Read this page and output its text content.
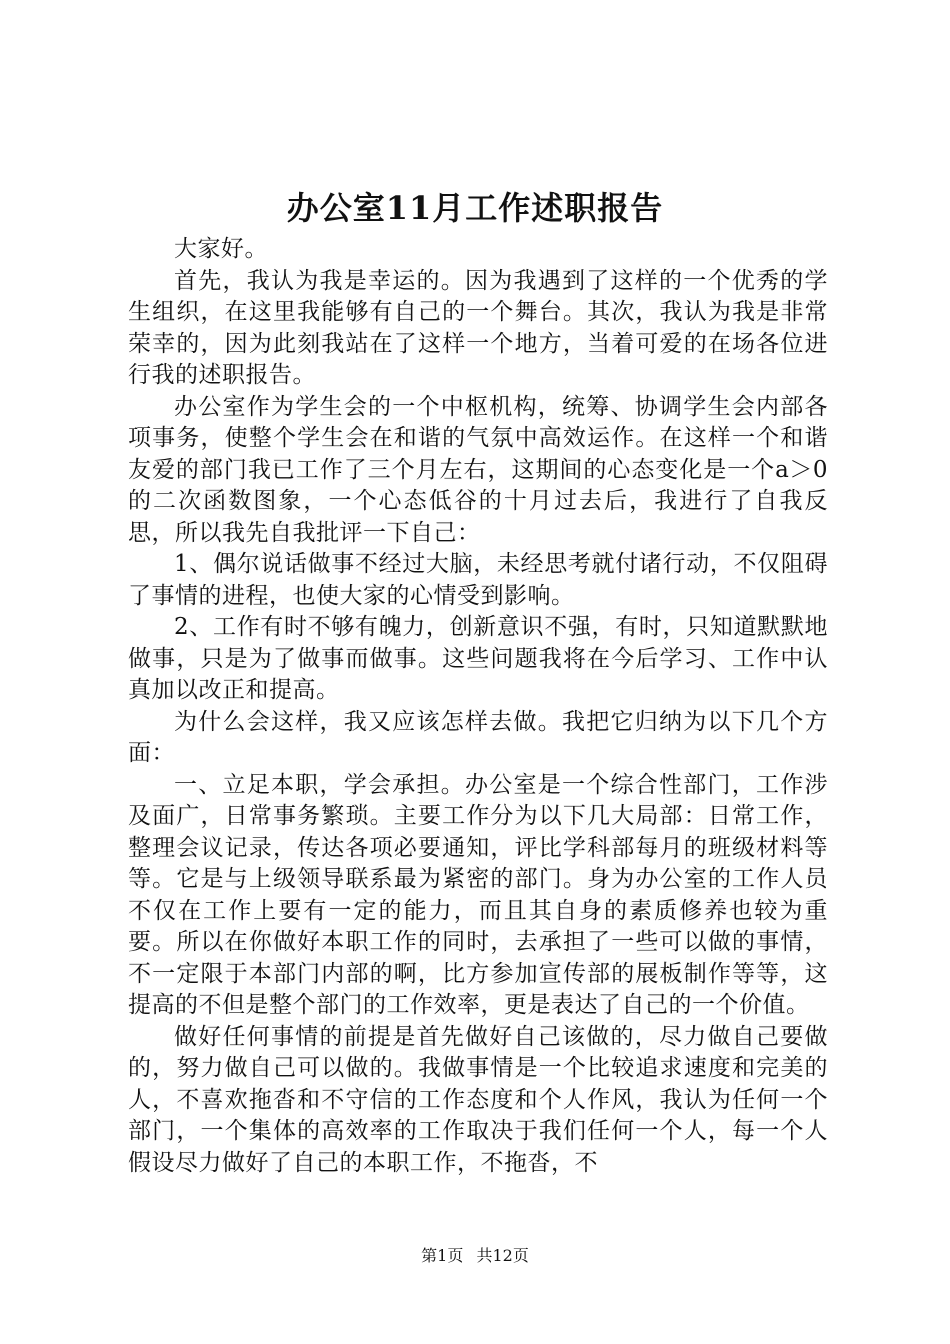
办公室11月工作述职报告

大家好。

首先，我认为我是幸运的。因为我遇到了这样的一个优秀的学生组织，在这里我能够有自己的一个舞台。其次，我认为我是非常荣幸的，因为此刻我站在了这样一个地方，当着可爱的在场各位进行我的述职报告。

办公室作为学生会的一个中枢机构，统筹、协调学生会内部各项事务，使整个学生会在和谐的气氛中高效运作。在这样一个和谐友爱的部门我已工作了三个月左右，这期间的心态变化是一个a＞0的二次函数图象，一个心态低谷的十月过去后，我进行了自我反思，所以我先自我批评一下自己：

1、偶尔说话做事不经过大脑，未经思考就付诸行动，不仅阻碍了事情的进程，也使大家的心情受到影响。

2、工作有时不够有魄力，创新意识不强，有时，只知道默默地做事，只是为了做事而做事。这些问题我将在今后学习、工作中认真加以改正和提高。

为什么会这样，我又应该怎样去做。我把它归纳为以下几个方面：

一、立足本职，学会承担。办公室是一个综合性部门，工作涉及面广，日常事务繁琐。主要工作分为以下几大局部：日常工作，整理会议记录，传达各项必要通知，评比学科部每月的班级材料等等。它是与上级领导联系最为紧密的部门。身为办公室的工作人员不仅在工作上要有一定的能力，而且其自身的素质修养也较为重要。所以在你做好本职工作的同时，去承担了一些可以做的事情，不一定限于本部门内部的啊，比方参加宣传部的展板制作等等，这提高的不但是整个部门的工作效率，更是表达了自己的一个价值。

做好任何事情的前提是首先做好自己该做的，尽力做自己要做的，努力做自己可以做的。我做事情是一个比较追求速度和完美的人，不喜欢拖沓和不守信的工作态度和个人作风，我认为任何一个部门，一个集体的高效率的工作取决于我们任何一个人，每一个人假设尽力做好了自己的本职工作，不拖沓，不

第1页 共12页
